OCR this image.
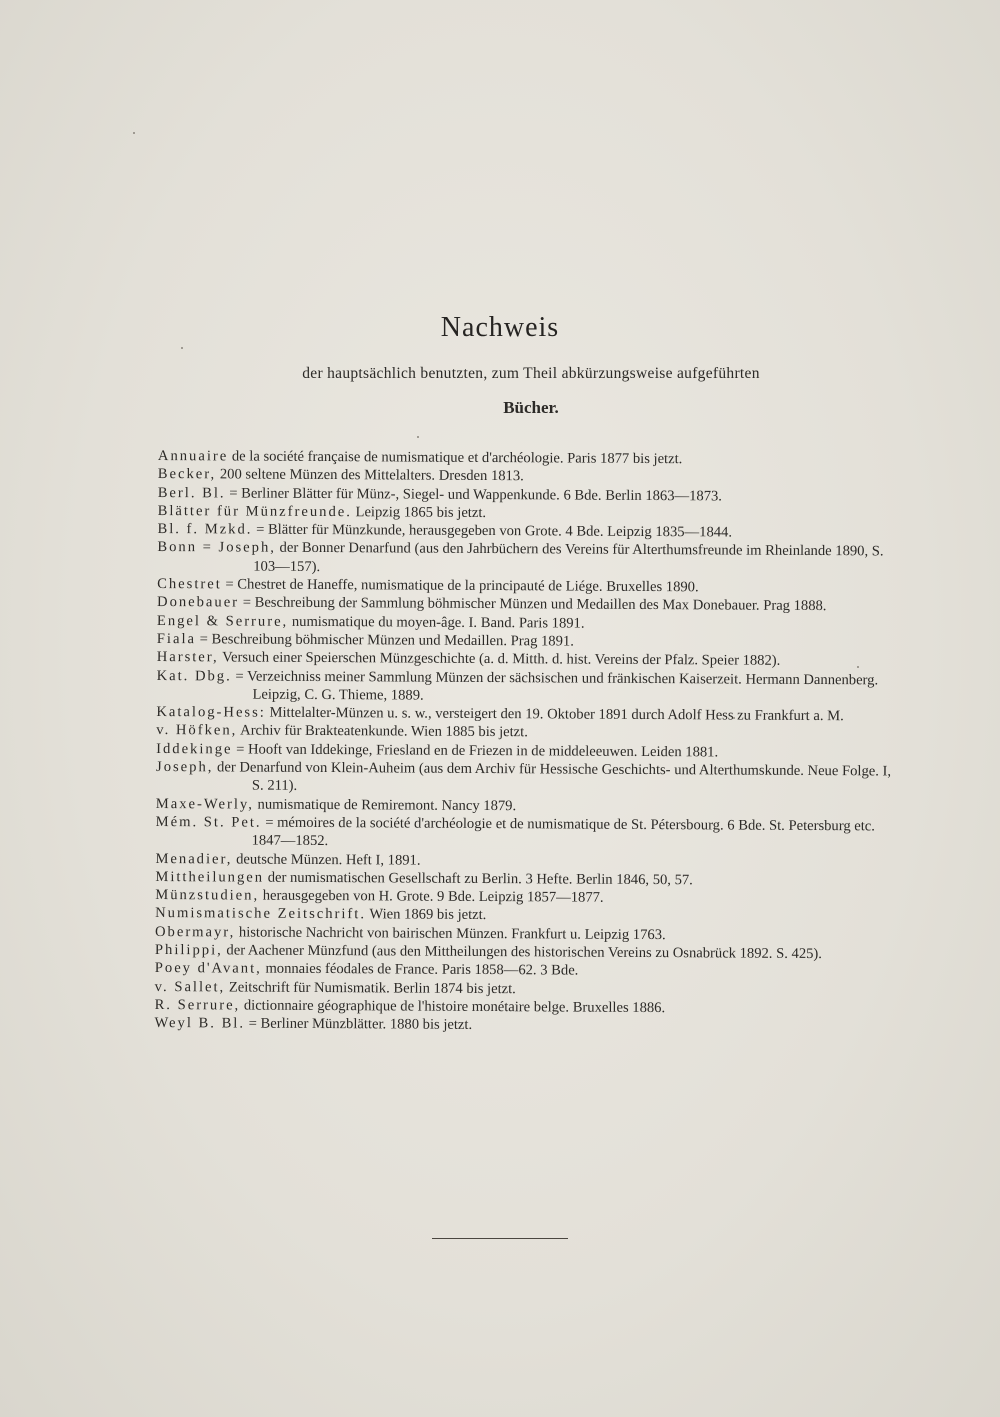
Nachweis
der hauptsächlich benutzten, zum Theil abkürzungsweise aufgeführten
Bücher.

Annuaire de la société française de numismatique et d'archéologie. Paris 1877 bis jetzt.

Becker, 200 seltene Münzen des Mittelalters. Dresden 1813.

Berl. Bl. = Berliner Blätter für Münz-, Siegel- und Wappenkunde. 6 Bde. Berlin 1863—1873.

Blätter für Münzfreunde. Leipzig 1865 bis jetzt.

Bl. f. Mzkd. = Blätter für Münzkunde, herausgegeben von Grote. 4 Bde. Leipzig 1835—1844.

Bonn = Joseph, der Bonner Denarfund (aus den Jahrbüchern des Vereins für Alterthumsfreunde im Rheinlande 1890, S. 103—157).

Chestret = Chestret de Haneffe, numismatique de la principauté de Liége. Bruxelles 1890.

Donebauer = Beschreibung der Sammlung böhmischer Münzen und Medaillen des Max Donebauer. Prag 1888.

Engel & Serrure, numismatique du moyen-âge. I. Band. Paris 1891.

Fiala = Beschreibung böhmischer Münzen und Medaillen. Prag 1891.

Harster, Versuch einer Speierschen Münzgeschichte (a. d. Mitth. d. hist. Vereins der Pfalz. Speier 1882).

Kat. Dbg. = Verzeichniss meiner Sammlung Münzen der sächsischen und fränkischen Kaiserzeit. Hermann Dannenberg. Leipzig, C. G. Thieme, 1889.

Katalog-Hess: Mittelalter-Münzen u. s. w., versteigert den 19. Oktober 1891 durch Adolf Hess zu Frankfurt a. M.

v. Höfken, Archiv für Brakteatenkunde. Wien 1885 bis jetzt.

Iddekinge = Hooft van Iddekinge, Friesland en de Friezen in de middeleeuwen. Leiden 1881.

Joseph, der Denarfund von Klein-Auheim (aus dem Archiv für Hessische Geschichts- und Alterthumskunde. Neue Folge. I, S. 211).

Maxe-Werly, numismatique de Remiremont. Nancy 1879.

Mém. St. Pet. = mémoires de la société d'archéologie et de numismatique de St. Pétersbourg. 6 Bde. St. Petersburg etc. 1847—1852.

Menadier, deutsche Münzen. Heft I, 1891.

Mittheilungen der numismatischen Gesellschaft zu Berlin. 3 Hefte. Berlin 1846, 50, 57.

Münzstudien, herausgegeben von H. Grote. 9 Bde. Leipzig 1857—1877.

Numismatische Zeitschrift. Wien 1869 bis jetzt.

Obermayr, historische Nachricht von bairischen Münzen. Frankfurt u. Leipzig 1763.

Philippi, der Aachener Münzfund (aus den Mittheilungen des historischen Vereins zu Osnabrück 1892. S. 425).

Poey d'Avant, monnaies féodales de France. Paris 1858—62. 3 Bde.

v. Sallet, Zeitschrift für Numismatik. Berlin 1874 bis jetzt.

R. Serrure, dictionnaire géographique de l'histoire monétaire belge. Bruxelles 1886.

Weyl B. Bl. = Berliner Münzblätter. 1880 bis jetzt.
